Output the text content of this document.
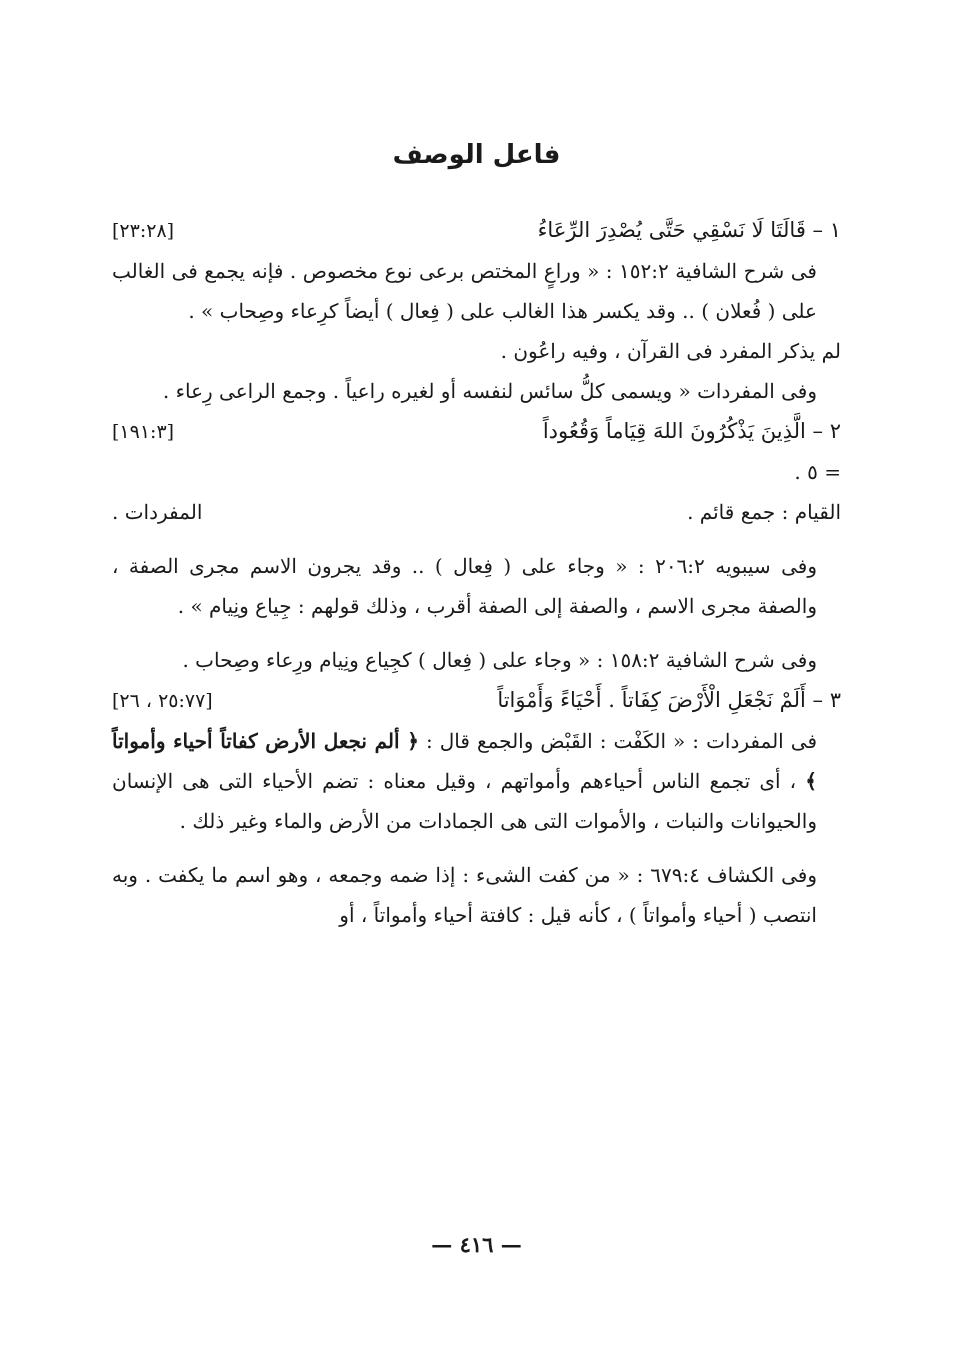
فاعل الوصف
١ – قَالَتَا لَا نَسْقِي حَتَّى يُصْدِرَ الرِّعَاءُ
[٢٣:٢٨]

فى شرح الشافية ١٥٢:٢ : « وراعٍ المختص برعى نوع مخصوص . فإنه يجمع فى الغالب على ( فُعلان ) .. وقد يكسر هذا الغالب على ( فِعال ) أيضاً كرِعاء وصِحاب » .

لم يذكر المفرد فى القرآن ، وفيه راعُون .

وفى المفردات « ويسمى كلُّ سائس لنفسه أو لغيره راعياً . وجمع الراعى رِعاء .

٢ – الَّذِينَ يَذْكُرُونَ اللهَ قِيَاماً وَقُعُوداً
[١٩١:٣]

= ٥ .

القيام : جمع قائم .
المفردات .

وفى سيبويه ٢٠٦:٢ : « وجاء على ( فِعال ) .. وقد يجرون الاسم مجرى الصفة ، والصفة مجرى الاسم ، والصفة إلى الصفة أقرب ، وذلك قولهم : جِياع ونِيام » .

وفى شرح الشافية ١٥٨:٢ : « وجاء على ( فِعال ) كجِياع ونِيام ورِعاء وصِحاب .

٣ – أَلَمْ نَجْعَلِ الْأَرْضَ كِفَاتاً . أَحْيَاءً وَأَمْوَاتاً
[٢٥:٧٧ ، ٢٦]

فى المفردات : « الكَفْت : القَبْض والجمع قال : ﴿ ألم نجعل الأرض كفاتاً أحياء وأمواتاً ﴾ ، أى تجمع الناس أحياءهم وأمواتهم ، وقيل معناه : تضم الأحياء التى هى الإنسان والحيوانات والنبات ، والأموات التى هى الجمادات من الأرض والماء وغير ذلك .

وفى الكشاف ٦٧٩:٤ : « من كفت الشىء : إذا ضمه وجمعه ، وهو اسم ما يكفت . وبه انتصب ( أحياء وأمواتاً ) ، كأنه قيل : كافتة أحياء وأمواتاً ، أو

— ٤١٦ —
